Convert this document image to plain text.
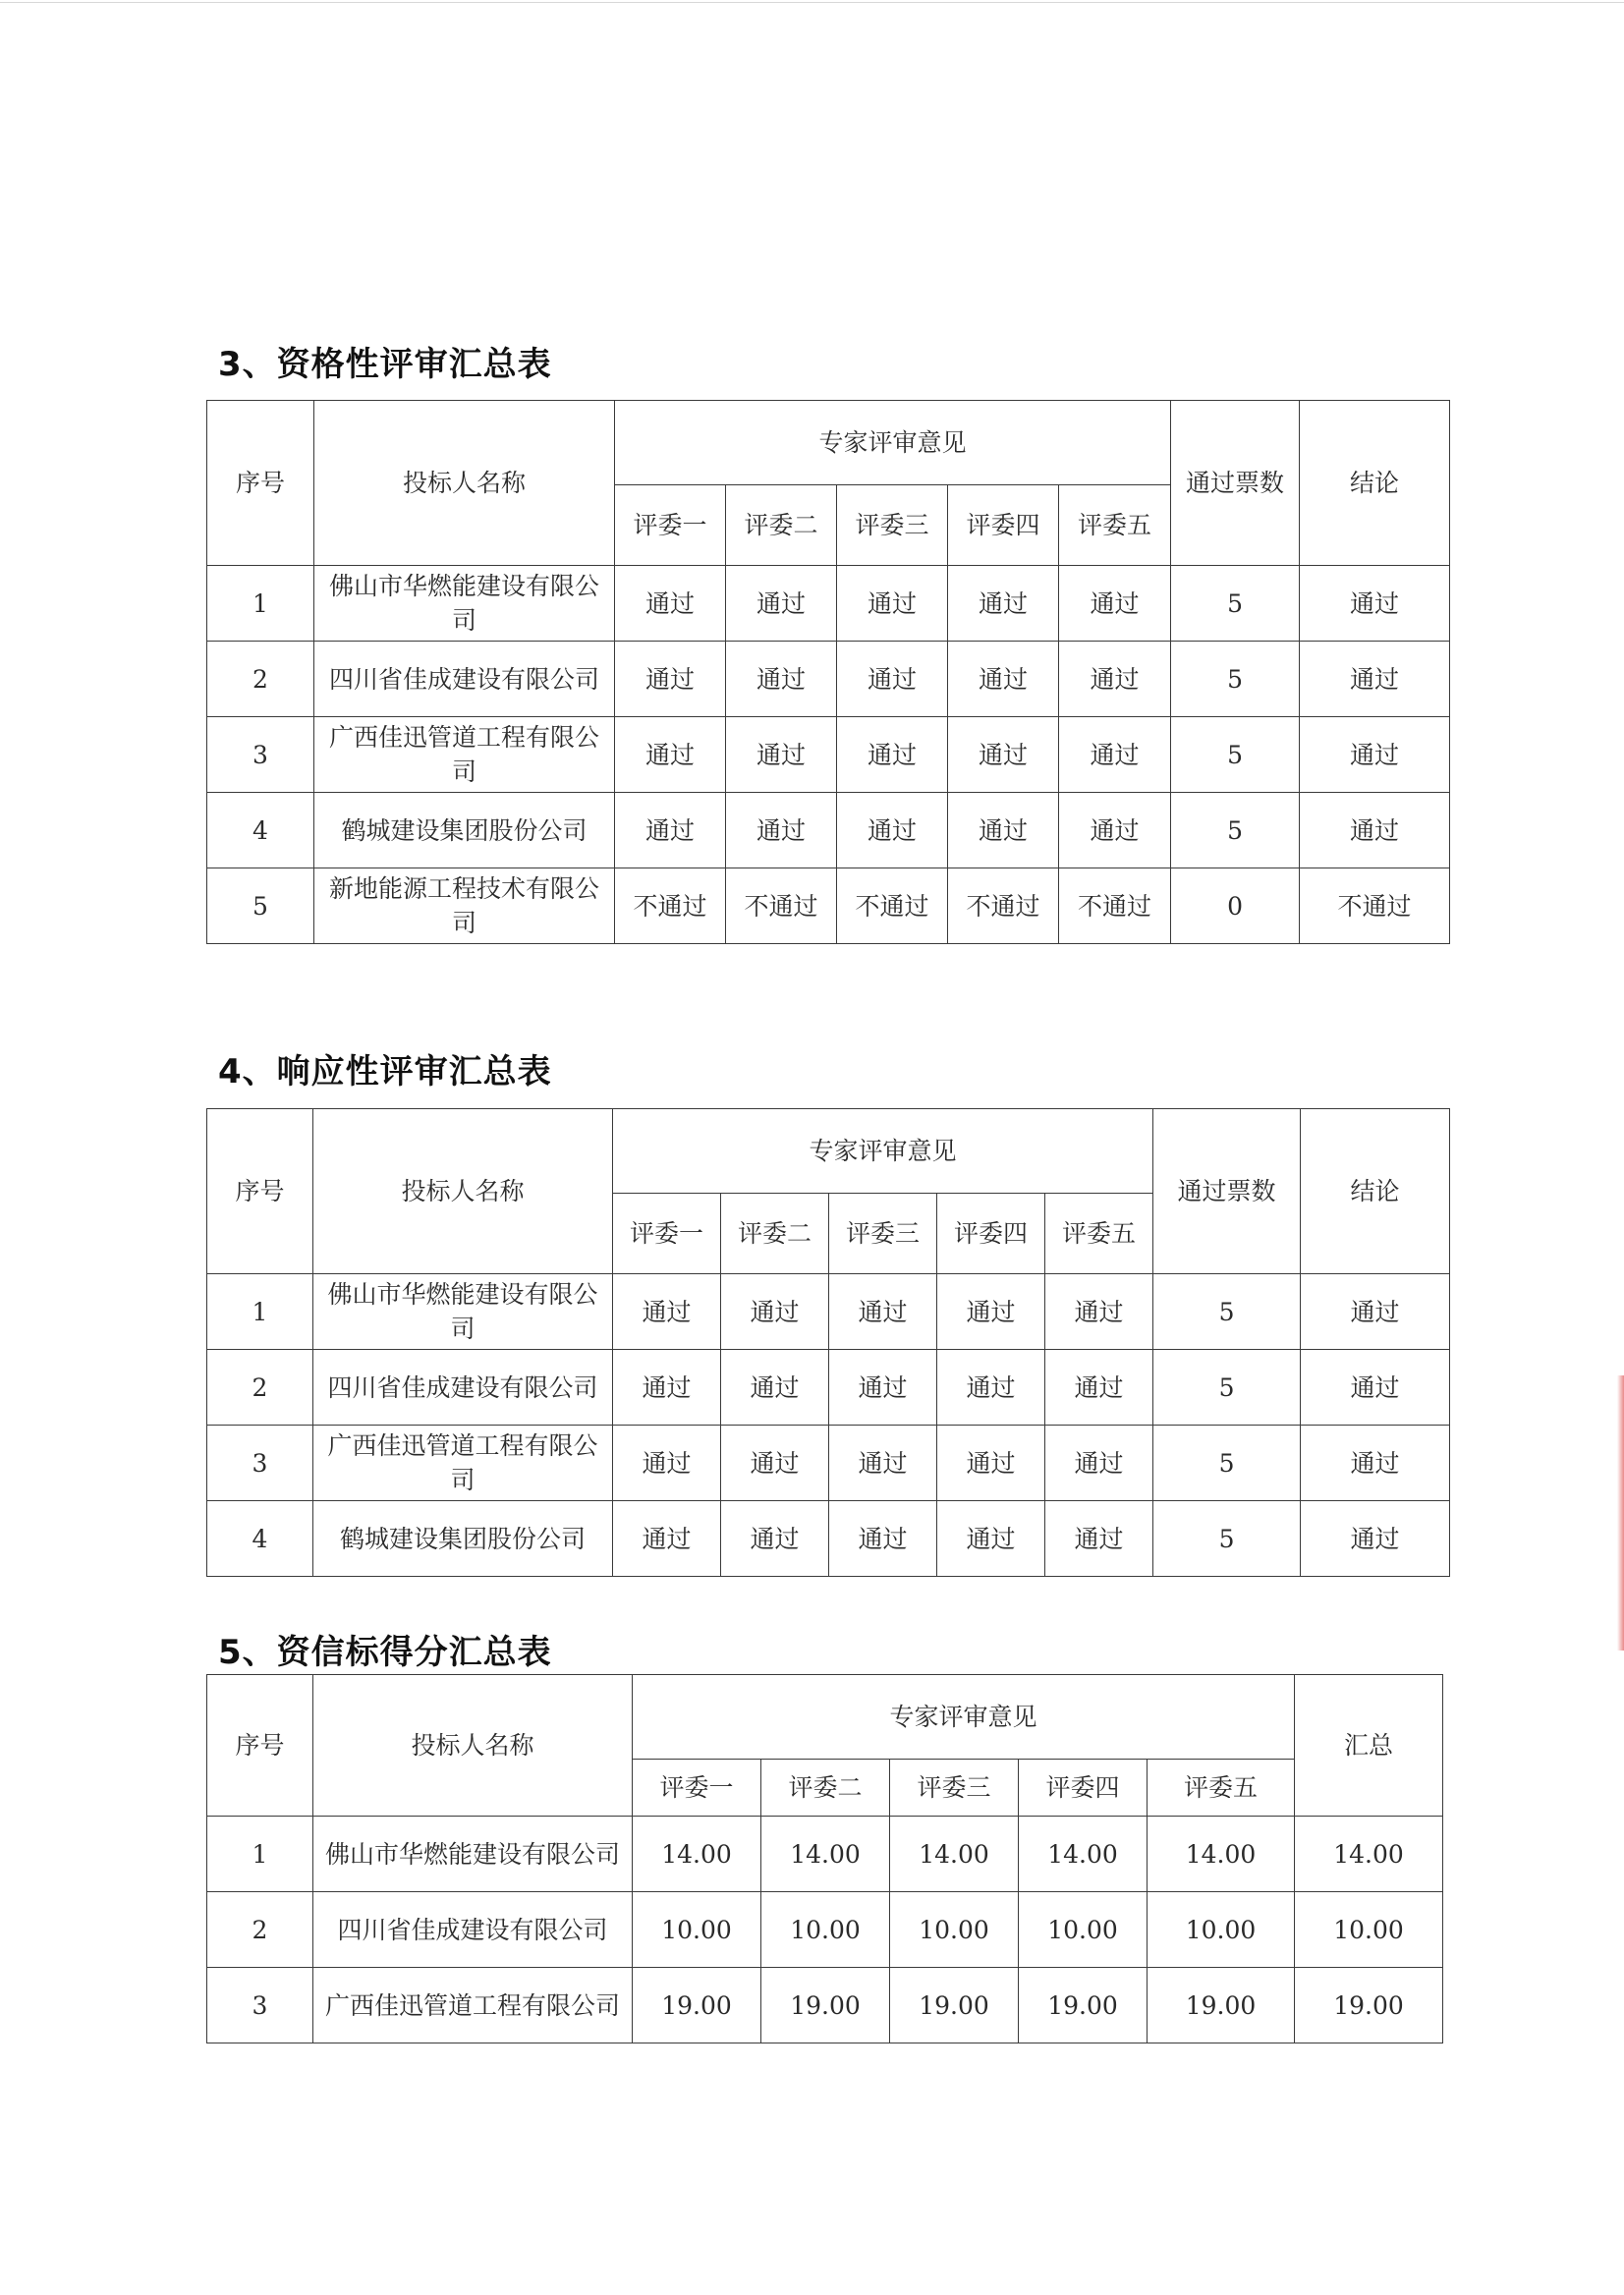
3、资格性评审汇总表
序号	投标人名称	专家评审意见					通过票数	结论
		评委一	评委二	评委三	评委四	评委五		
1	佛山市华燃能建设有限公司	通过	通过	通过	通过	通过	5	通过
2	四川省佳成建设有限公司	通过	通过	通过	通过	通过	5	通过
3	广西佳迅管道工程有限公司	通过	通过	通过	通过	通过	5	通过
4	鹤城建设集团股份公司	通过	通过	通过	通过	通过	5	通过
5	新地能源工程技术有限公司	不通过	不通过	不通过	不通过	不通过	0	不通过
4、响应性评审汇总表
序号	投标人名称	专家评审意见					通过票数	结论
		评委一	评委二	评委三	评委四	评委五		
1	佛山市华燃能建设有限公司	通过	通过	通过	通过	通过	5	通过
2	四川省佳成建设有限公司	通过	通过	通过	通过	通过	5	通过
3	广西佳迅管道工程有限公司	通过	通过	通过	通过	通过	5	通过
4	鹤城建设集团股份公司	通过	通过	通过	通过	通过	5	通过
5、资信标得分汇总表
序号	投标人名称	专家评审意见					汇总
		评委一	评委二	评委三	评委四	评委五	
1	佛山市华燃能建设有限公司	14.00	14.00	14.00	14.00	14.00	14.00
2	四川省佳成建设有限公司	10.00	10.00	10.00	10.00	10.00	10.00
3	广西佳迅管道工程有限公司	19.00	19.00	19.00	19.00	19.00	19.00
